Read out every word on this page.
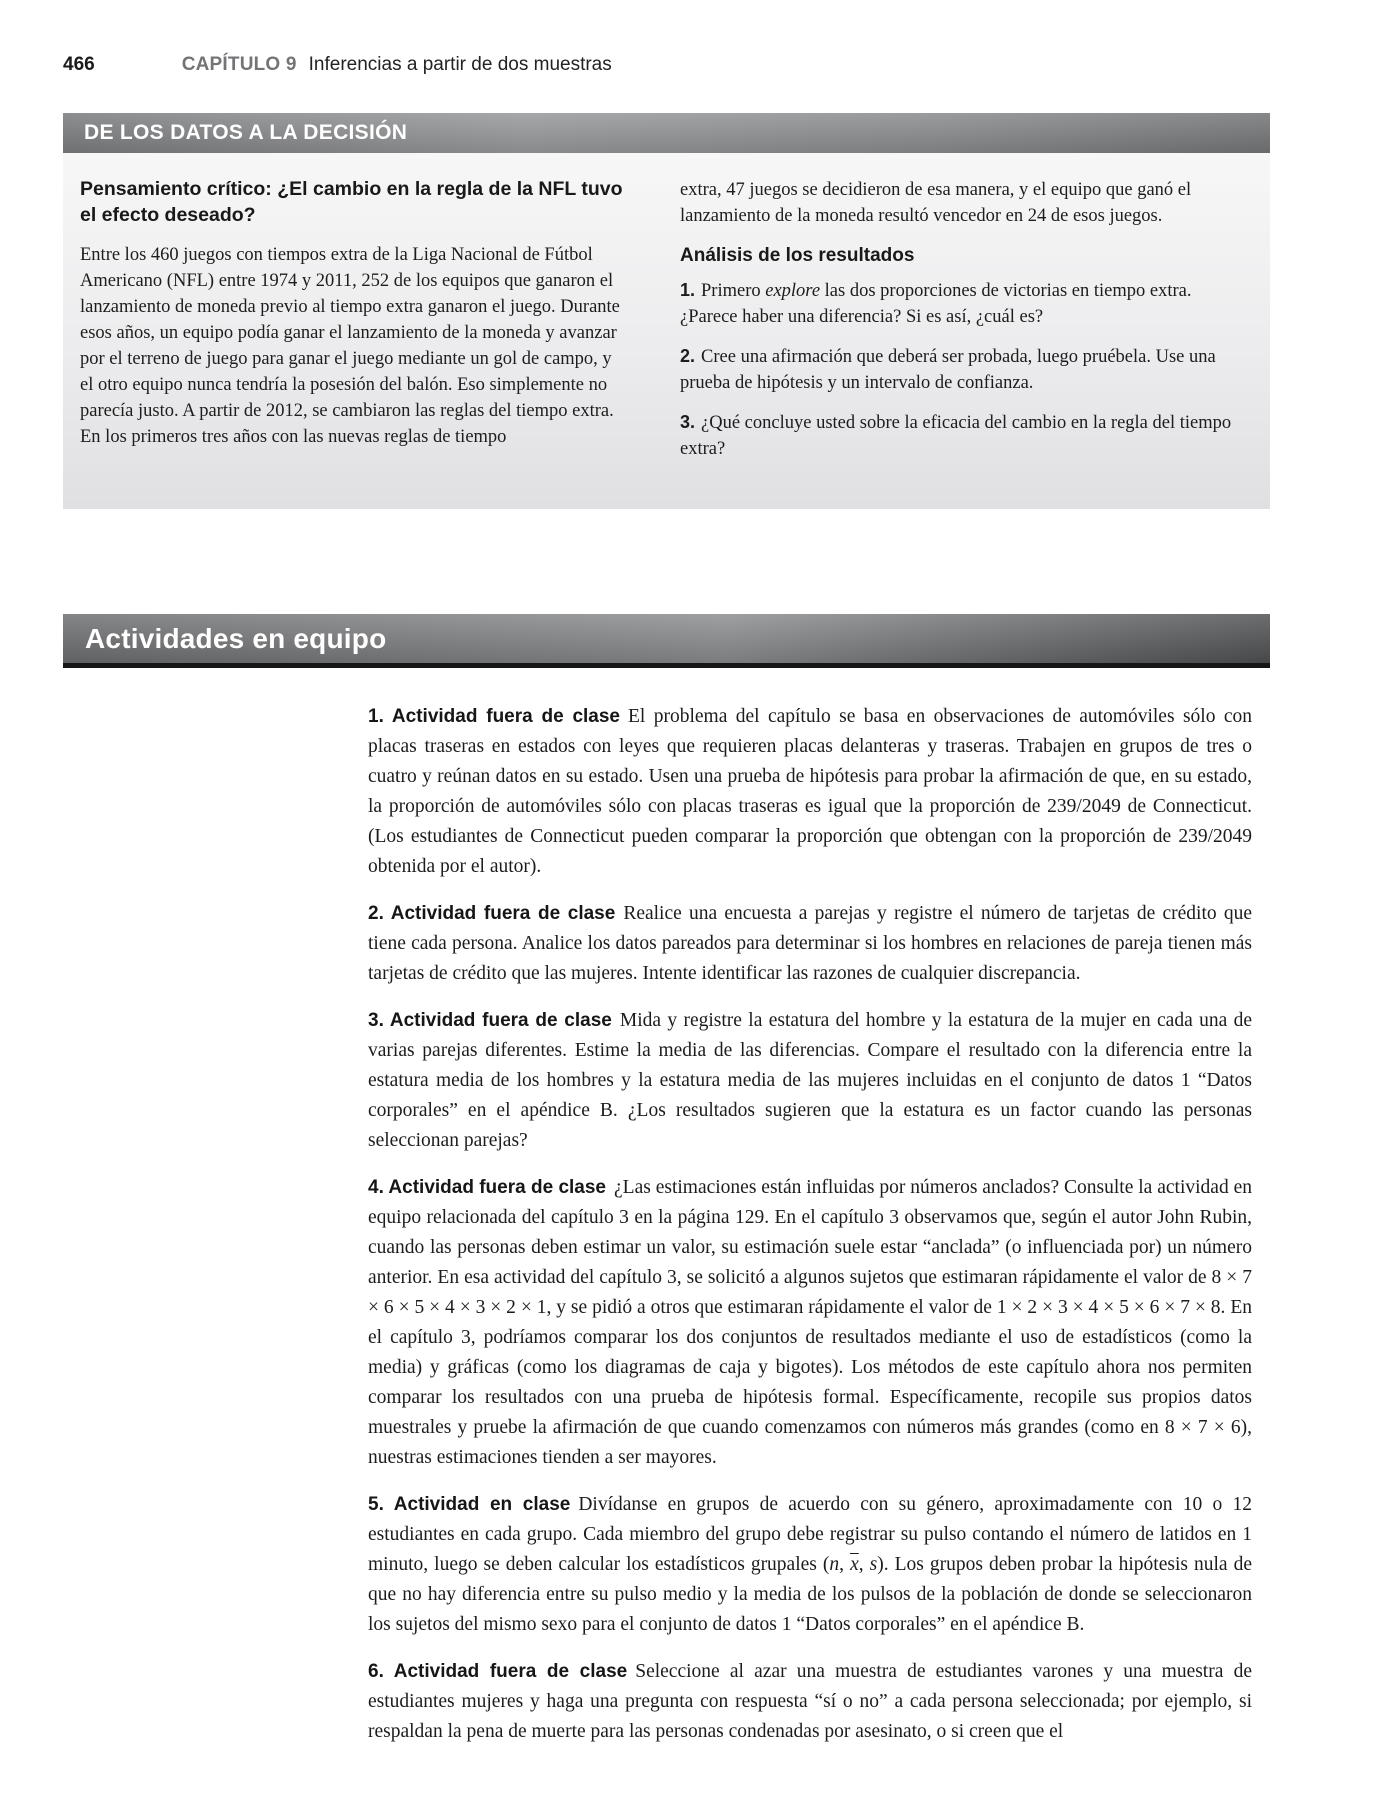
466	CAPÍTULO 9 Inferencias a partir de dos muestras
DE LOS DATOS A LA DECISIÓN
Pensamiento crítico: ¿El cambio en la regla de la NFL tuvo el efecto deseado?

Entre los 460 juegos con tiempos extra de la Liga Nacional de Fútbol Americano (NFL) entre 1974 y 2011, 252 de los equipos que ganaron el lanzamiento de moneda previo al tiempo extra ganaron el juego. Durante esos años, un equipo podía ganar el lanzamiento de la moneda y avanzar por el terreno de juego para ganar el juego mediante un gol de campo, y el otro equipo nunca tendría la posesión del balón. Eso simplemente no parecía justo. A partir de 2012, se cambiaron las reglas del tiempo extra. En los primeros tres años con las nuevas reglas de tiempo

extra, 47 juegos se decidieron de esa manera, y el equipo que ganó el lanzamiento de la moneda resultó vencedor en 24 de esos juegos.

Análisis de los resultados

1. Primero explore las dos proporciones de victorias en tiempo extra. ¿Parece haber una diferencia? Si es así, ¿cuál es?

2. Cree una afirmación que deberá ser probada, luego pruébela. Use una prueba de hipótesis y un intervalo de confianza.

3. ¿Qué concluye usted sobre la eficacia del cambio en la regla del tiempo extra?

Actividades en equipo

1. Actividad fuera de clase El problema del capítulo se basa en observaciones de automóviles sólo con placas traseras en estados con leyes que requieren placas delanteras y traseras. Trabajen en grupos de tres o cuatro y reúnan datos en su estado. Usen una prueba de hipótesis para probar la afirmación de que, en su estado, la proporción de automóviles sólo con placas traseras es igual que la proporción de 239/2049 de Connecticut. (Los estudiantes de Connecticut pueden comparar la proporción que obtengan con la proporción de 239/2049 obtenida por el autor).

2. Actividad fuera de clase Realice una encuesta a parejas y registre el número de tarjetas de crédito que tiene cada persona. Analice los datos pareados para determinar si los hombres en relaciones de pareja tienen más tarjetas de crédito que las mujeres. Intente identificar las razones de cualquier discrepancia.

3. Actividad fuera de clase Mida y registre la estatura del hombre y la estatura de la mujer en cada una de varias parejas diferentes. Estime la media de las diferencias. Compare el resultado con la diferencia entre la estatura media de los hombres y la estatura media de las mujeres incluidas en el conjunto de datos 1 “Datos corporales” en el apéndice B. ¿Los resultados sugieren que la estatura es un factor cuando las personas seleccionan parejas?

4. Actividad fuera de clase ¿Las estimaciones están influidas por números anclados? Consulte la actividad en equipo relacionada del capítulo 3 en la página 129. En el capítulo 3 observamos que, según el autor John Rubin, cuando las personas deben estimar un valor, su estimación suele estar “anclada” (o influenciada por) un número anterior. En esa actividad del capítulo 3, se solicitó a algunos sujetos que estimaran rápidamente el valor de 8 × 7 × 6 × 5 × 4 × 3 × 2 × 1, y se pidió a otros que estimaran rápidamente el valor de 1 × 2 × 3 × 4 × 5 × 6 × 7 × 8. En el capítulo 3, podríamos comparar los dos conjuntos de resultados mediante el uso de estadísticos (como la media) y gráficas (como los diagramas de caja y bigotes). Los métodos de este capítulo ahora nos permiten comparar los resultados con una prueba de hipótesis formal. Específicamente, recopile sus propios datos muestrales y pruebe la afirmación de que cuando comenzamos con números más grandes (como en 8 × 7 × 6), nuestras estimaciones tienden a ser mayores.

5. Actividad en clase Divídanse en grupos de acuerdo con su género, aproximadamente con 10 o 12 estudiantes en cada grupo. Cada miembro del grupo debe registrar su pulso contando el número de latidos en 1 minuto, luego se deben calcular los estadísticos grupales (n, $\overline{x}$, s). Los grupos deben probar la hipótesis nula de que no hay diferencia entre su pulso medio y la media de los pulsos de la población de donde se seleccionaron los sujetos del mismo sexo para el conjunto de datos 1 “Datos corporales” en el apéndice B.

6. Actividad fuera de clase Seleccione al azar una muestra de estudiantes varones y una muestra de estudiantes mujeres y haga una pregunta con respuesta “sí o no” a cada persona seleccionada; por ejemplo, si respaldan la pena de muerte para las personas condenadas por asesinato, o si creen que el
